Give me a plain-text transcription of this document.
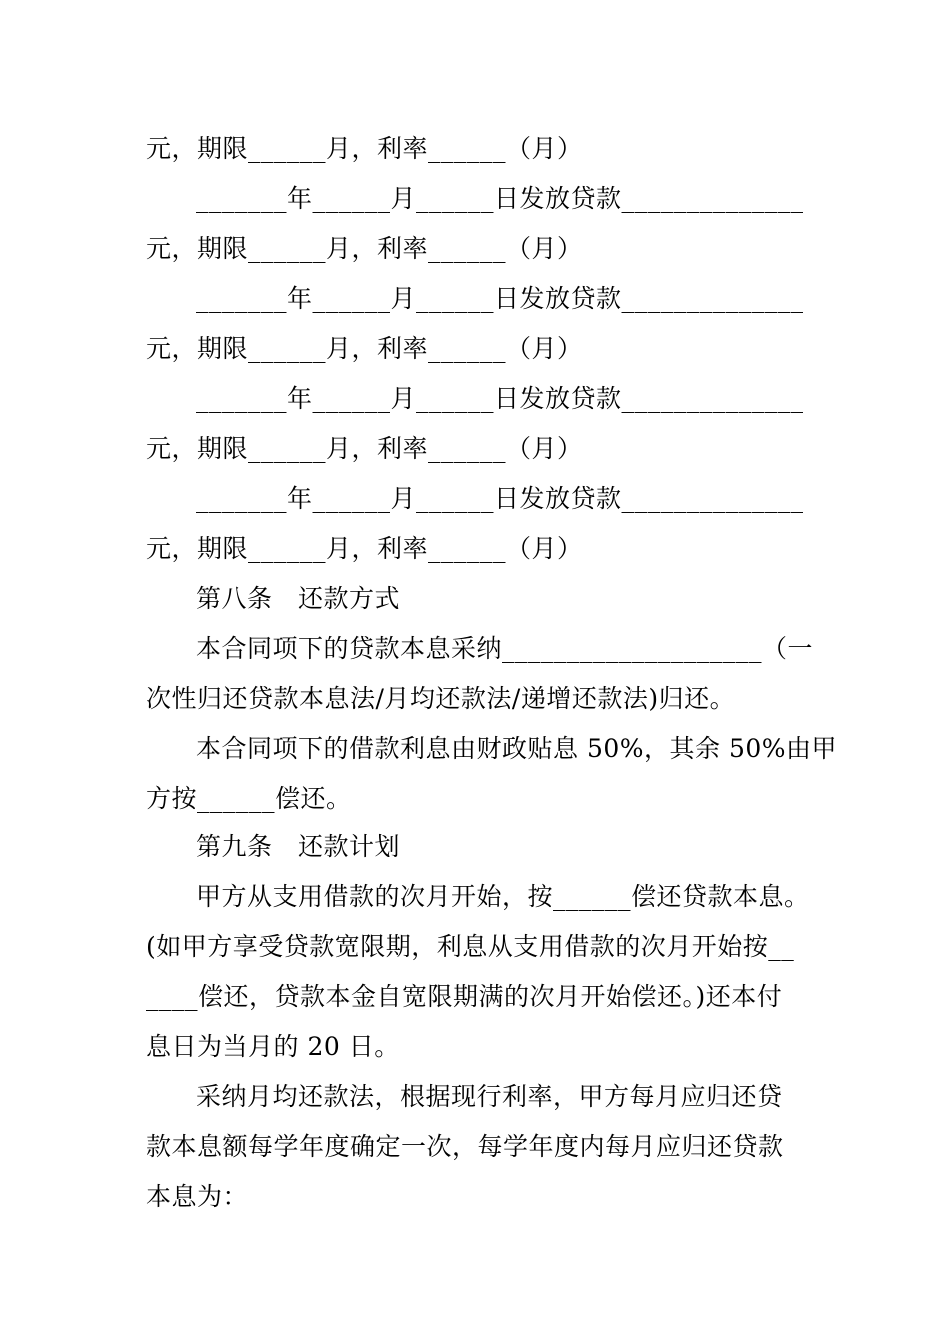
元，期限______月，利率______（月）
_______年______月______日发放贷款______________
元，期限______月，利率______（月）
_______年______月______日发放贷款______________
元，期限______月，利率______（月）
_______年______月______日发放贷款______________
元，期限______月，利率______（月）
_______年______月______日发放贷款______________
元，期限______月，利率______（月）
第八条　还款方式
本合同项下的贷款本息采纳____________________（一
次性归还贷款本息法/月均还款法/递增还款法)归还。
本合同项下的借款利息由财政贴息 50%，其余 50%由甲
方按______偿还。
第九条　还款计划
甲方从支用借款的次月开始，按______偿还贷款本息。
(如甲方享受贷款宽限期，利息从支用借款的次月开始按__
____偿还，贷款本金自宽限期满的次月开始偿还。)还本付
息日为当月的 20 日。
采纳月均还款法，根据现行利率，甲方每月应归还贷
款本息额每学年度确定一次，每学年度内每月应归还贷款
本息为：
